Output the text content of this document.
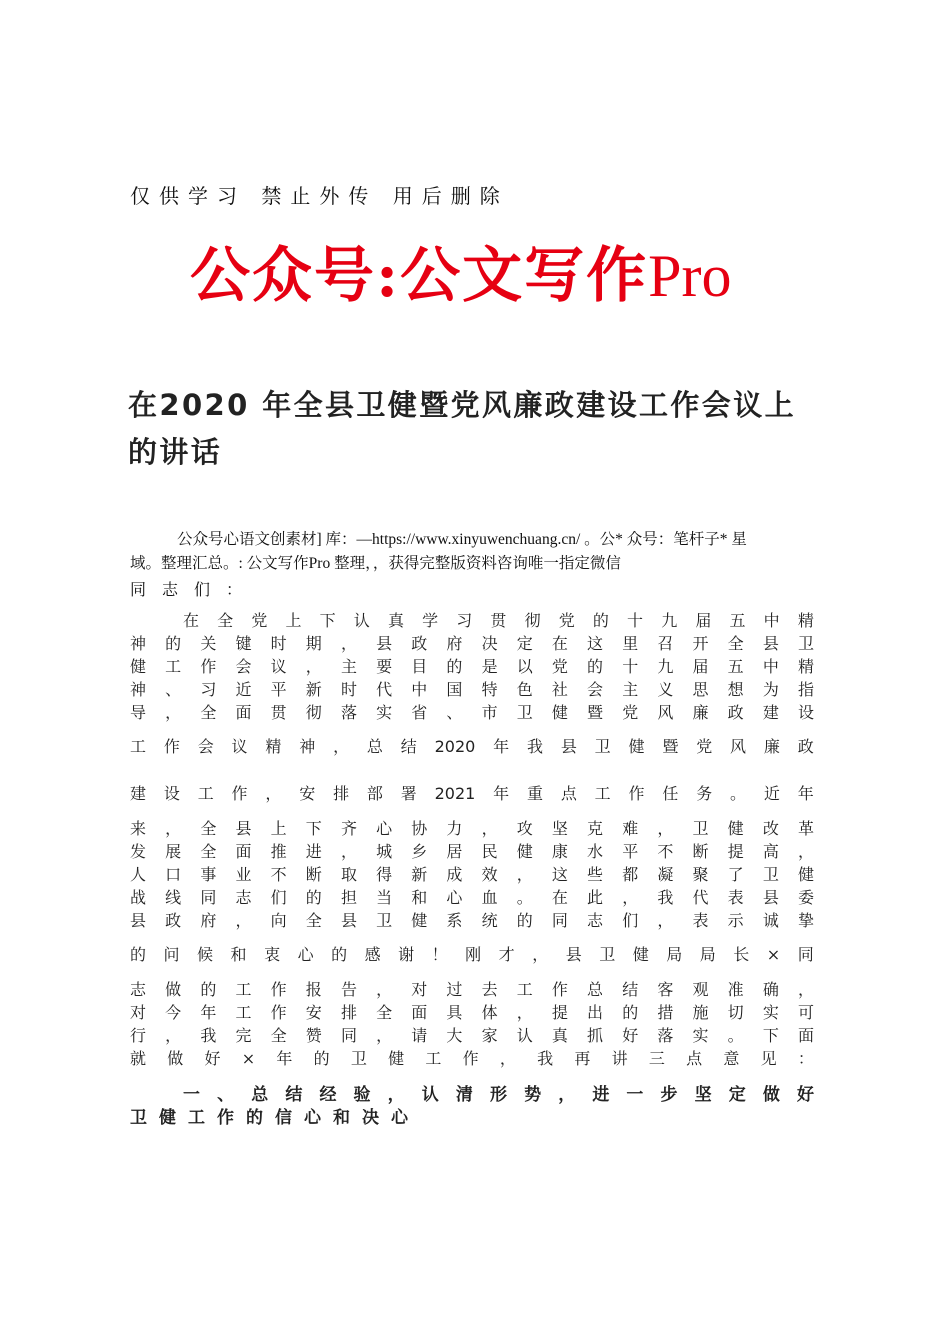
仅供学习 禁止外传 用后删除
公众号:公文写作Pro
在2020 年全县卫健暨党风廉政建设工作会议上
的讲话

公众号心语文创素材] 库：—https://www.xinyuwenchuang.cn/ 。公* 众号：笔杆子* 星

域。整理汇总。: 公文写作Pro 整理，，获得完整版资料咨询唯一指定微信

同志们：
在 全 党 上 下 认 真 学 习 贯 彻 党 的 十 九 届 五 中 精
神 的 关 键 时 期 ， 县 政 府 决 定 在 这 里 召 开 全 县 卫
健 工 作 会 议 ， 主 要 目 的 是 以 党 的 十 九 届 五 中 精
神 、 习 近 平 新 时 代 中 国 特 色 社 会 主 义 思 想 为 指
导 ， 全 面 贯 彻 落 实 省 、 市 卫 健 暨 党 风 廉 政 建 设
工 作 会 议 精 神 ， 总 结 2020 年 我 县 卫 健 暨 党 风 廉 政
建 设 工 作 ， 安 排 部 署 2021 年 重 点 工 作 任 务 。 近 年
来 ， 全 县 上 下 齐 心 协 力 ， 攻 坚 克 难 ， 卫 健 改 革
发 展 全 面 推 进 ， 城 乡 居 民 健 康 水 平 不 断 提 高 ，
人 口 事 业 不 断 取 得 新 成 效 ， 这 些 都 凝 聚 了 卫 健
战 线 同 志 们 的 担 当 和 心 血 。 在 此 ， 我 代 表 县 委
县 政 府 ， 向 全 县 卫 健 系 统 的 同 志 们 ， 表 示 诚 挚
的 问 候 和 衷 心 的 感 谢 ！ 刚 才 ， 县 卫 健 局 局 长 × 同
志 做 的 工 作 报 告 ， 对 过 去 工 作 总 结 客 观 准 确 ，
对 今 年 工 作 安 排 全 面 具 体 ， 提 出 的 措 施 切 实 可
行 ， 我 完 全 赞 同 ， 请 大 家 认 真 抓 好 落 实 。 下 面
就 做 好 × 年 的 卫 健 工 作 ， 我 再 讲 三 点 意 见 ：
一 、 总 结 经 验 ， 认 清 形 势 ， 进 一 步 坚 定 做 好
卫 健 工 作 的 信 心 和 决 心
